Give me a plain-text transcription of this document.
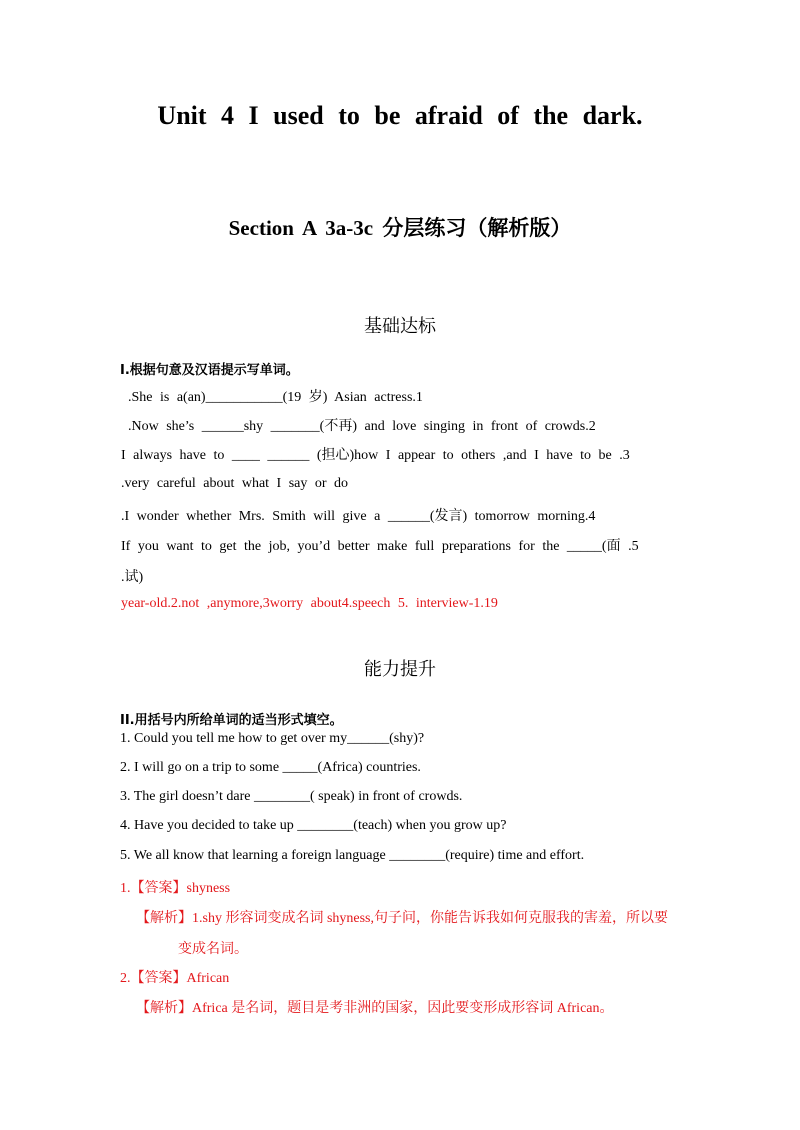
Unit 4 I used to be afraid of the dark.
Section A 3a-3c 分层练习（解析版）
基础达标
Ⅰ.根据句意及汉语提示写单词。
.She is a(an)___________(19 岁) Asian actress.1
.Now she’s ______shy _______(不再) and love singing in front of crowds.2
I always have to ____ ______ (担心)how I appear to others ,and I have to be .3
.very careful about what I say or do
.I wonder whether Mrs. Smith will give a ______(发言) tomorrow morning.4
If you want to get the job, you’d better make full preparations for the _____(面 .5
.试)
year-old.2.not ,anymore,3worry about4.speech 5. interview-1.19
能力提升
II.用括号内所给单词的适当形式填空。
1. Could you tell me how to get over my______(shy)?
2. I will go on a trip to some _____(Africa) countries.
3. The girl doesn’t dare ________( speak) in front of crowds.
4. Have you decided to take up ________(teach) when you grow up?
5. We all know that learning a foreign language ________(require) time and effort.
1.【答案】shyness
【解析】1.shy 形容词变成名词 shyness,句子问，你能告诉我如何克服我的害羞，所以要
变成名词。
2.【答案】African
【解析】Africa 是名词，题目是考非洲的国家，因此要变形成形容词 African。
